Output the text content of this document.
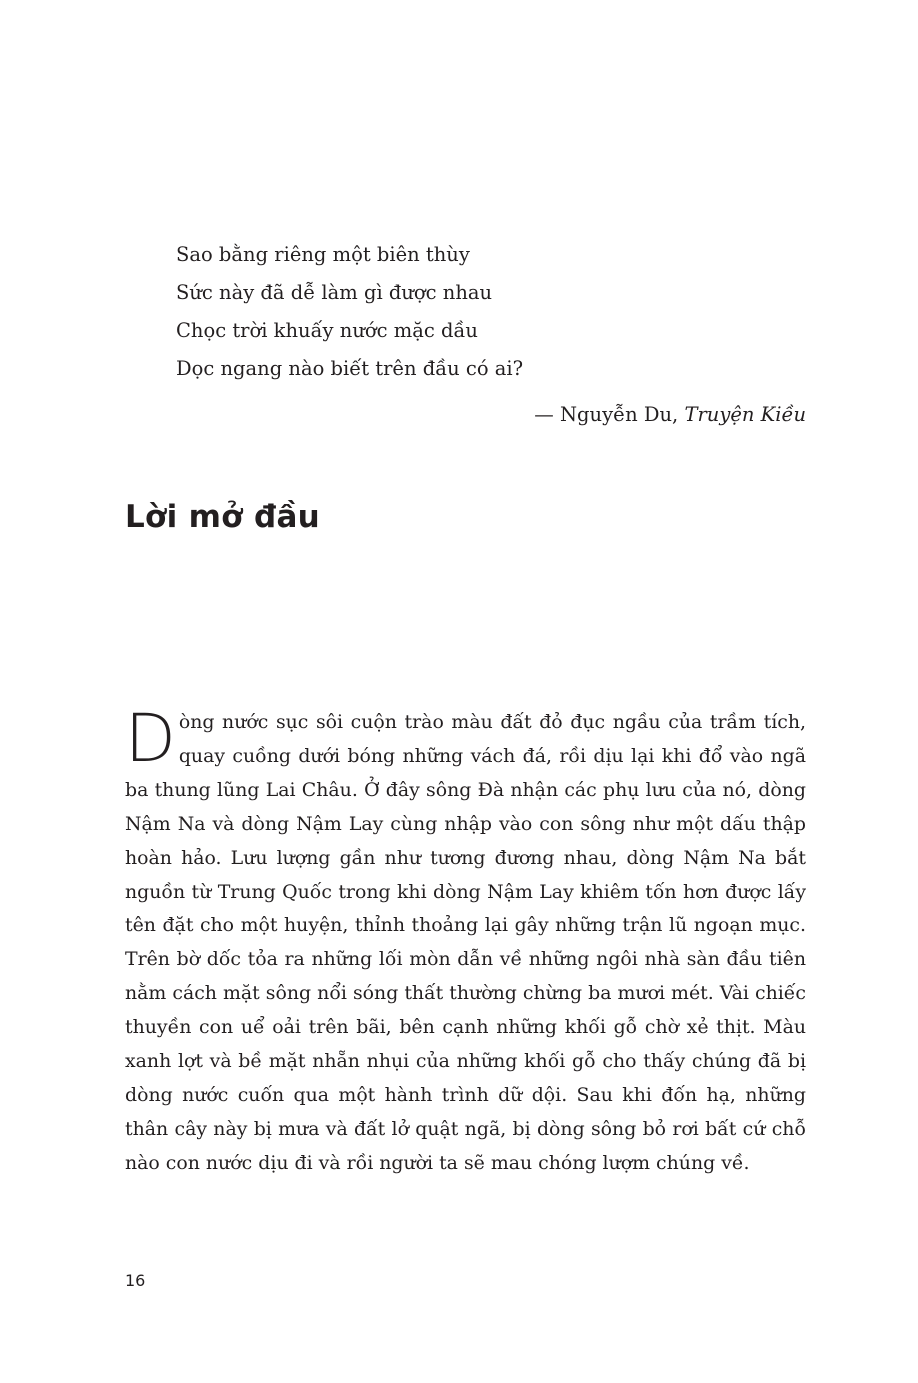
Sao bằng riêng một biên thùy
Sức này đã dễ làm gì được nhau
Chọc trời khuấy nước mặc dầu
Dọc ngang nào biết trên đầu có ai?
— Nguyễn Du, Truyện Kiều
Lời mở đầu

Dòng nước sục sôi cuộn trào màu đất đỏ đục ngầu của trầm tích, quay cuồng dưới bóng những vách đá, rồi dịu lại khi đổ vào ngã ba thung lũng Lai Châu. Ở đây sông Đà nhận các phụ lưu của nó, dòng Nậm Na và dòng Nậm Lay cùng nhập vào con sông như một dấu thập hoàn hảo. Lưu lượng gần như tương đương nhau, dòng Nậm Na bắt nguồn từ Trung Quốc trong khi dòng Nậm Lay khiêm tốn hơn được lấy tên đặt cho một huyện, thỉnh thoảng lại gây những trận lũ ngoạn mục. Trên bờ dốc tỏa ra những lối mòn dẫn về những ngôi nhà sàn đầu tiên nằm cách mặt sông nổi sóng thất thường chừng ba mươi mét. Vài chiếc thuyền con uể oải trên bãi, bên cạnh những khối gỗ chờ xẻ thịt. Màu xanh lợt và bề mặt nhẵn nhụi của những khối gỗ cho thấy chúng đã bị dòng nước cuốn qua một hành trình dữ dội. Sau khi đốn hạ, những thân cây này bị mưa và đất lở quật ngã, bị dòng sông bỏ rơi bất cứ chỗ nào con nước dịu đi và rồi người ta sẽ mau chóng lượm chúng về.

16
